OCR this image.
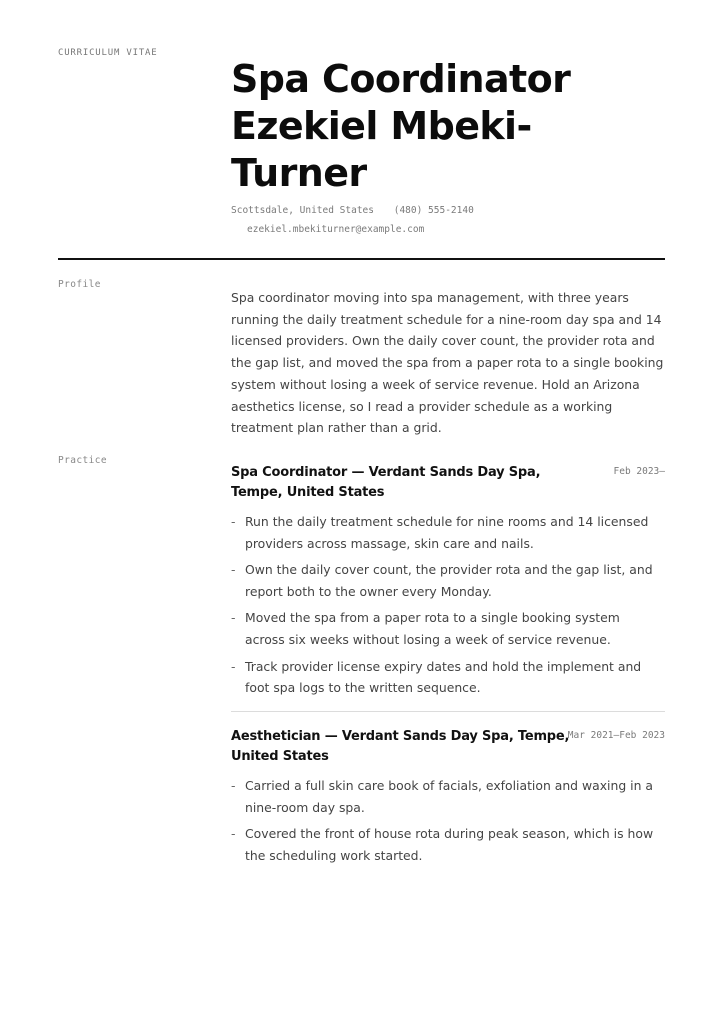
CURRICULUM VITAE
Spa Coordinator
Ezekiel Mbeki-
Turner
Scottsdale, United States (480) 555-2140
ezekiel.mbekiturner@example.com
Profile

Spa coordinator moving into spa management, with three years running the daily treatment schedule for a nine-room day spa and 14 licensed providers. Own the daily cover count, the provider rota and the gap list, and moved the spa from a paper rota to a single booking system without losing a week of service revenue. Hold an Arizona aesthetics license, so I read a provider schedule as a working treatment plan rather than a grid.

Practice
Spa Coordinator — Verdant Sands Day Spa, Tempe, United States
Feb 2023–
- Run the daily treatment schedule for nine rooms and 14 licensed providers across massage, skin care and nails.
- Own the daily cover count, the provider rota and the gap list, and report both to the owner every Monday.
- Moved the spa from a paper rota to a single booking system across six weeks without losing a week of service revenue.
- Track provider license expiry dates and hold the implement and foot spa logs to the written sequence.
Aesthetician — Verdant Sands Day Spa, Tempe, United States
Mar 2021–Feb 2023
- Carried a full skin care book of facials, exfoliation and waxing in a nine-room day spa.
- Covered the front of house rota during peak season, which is how the scheduling work started.
